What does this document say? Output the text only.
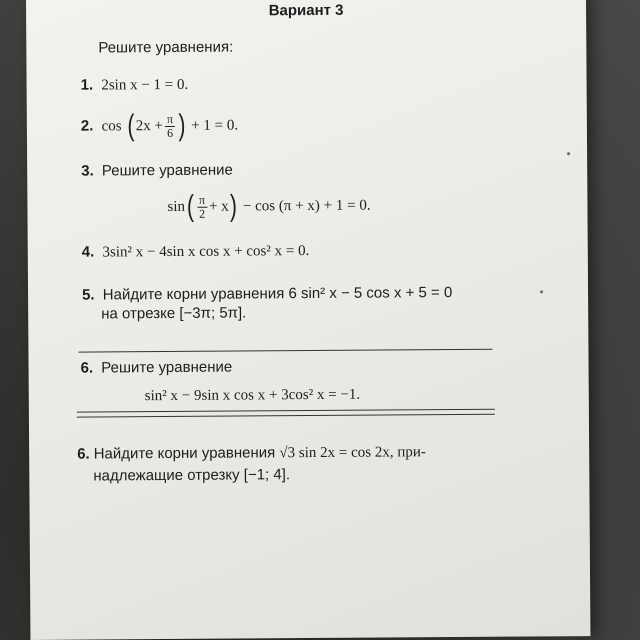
Вариант 3
Решите уравнения:
1. 2sin x − 1 = 0.
2. $\cos (2x + \frac{\pi}{6}$ ) + 1 = 0.
3. Решите уравнение
$\sin( \frac{\pi}{2} + x) - \cos (\pi + x) + 1 = 0$.
4. 3sin² x − 4sin x cos x + cos² x = 0.
5. Найдите корни уравнения 6 sin² x − 5 cos x + 5 = 0
на отрезке [−3π; 5π].
6. Решите уравнение
sin² x − 9sin x cos x + 3cos² x = −1.
6. Найдите корни уравнения √3 sin 2x = cos 2x, при-
надлежащие отрезку [−1; 4].
